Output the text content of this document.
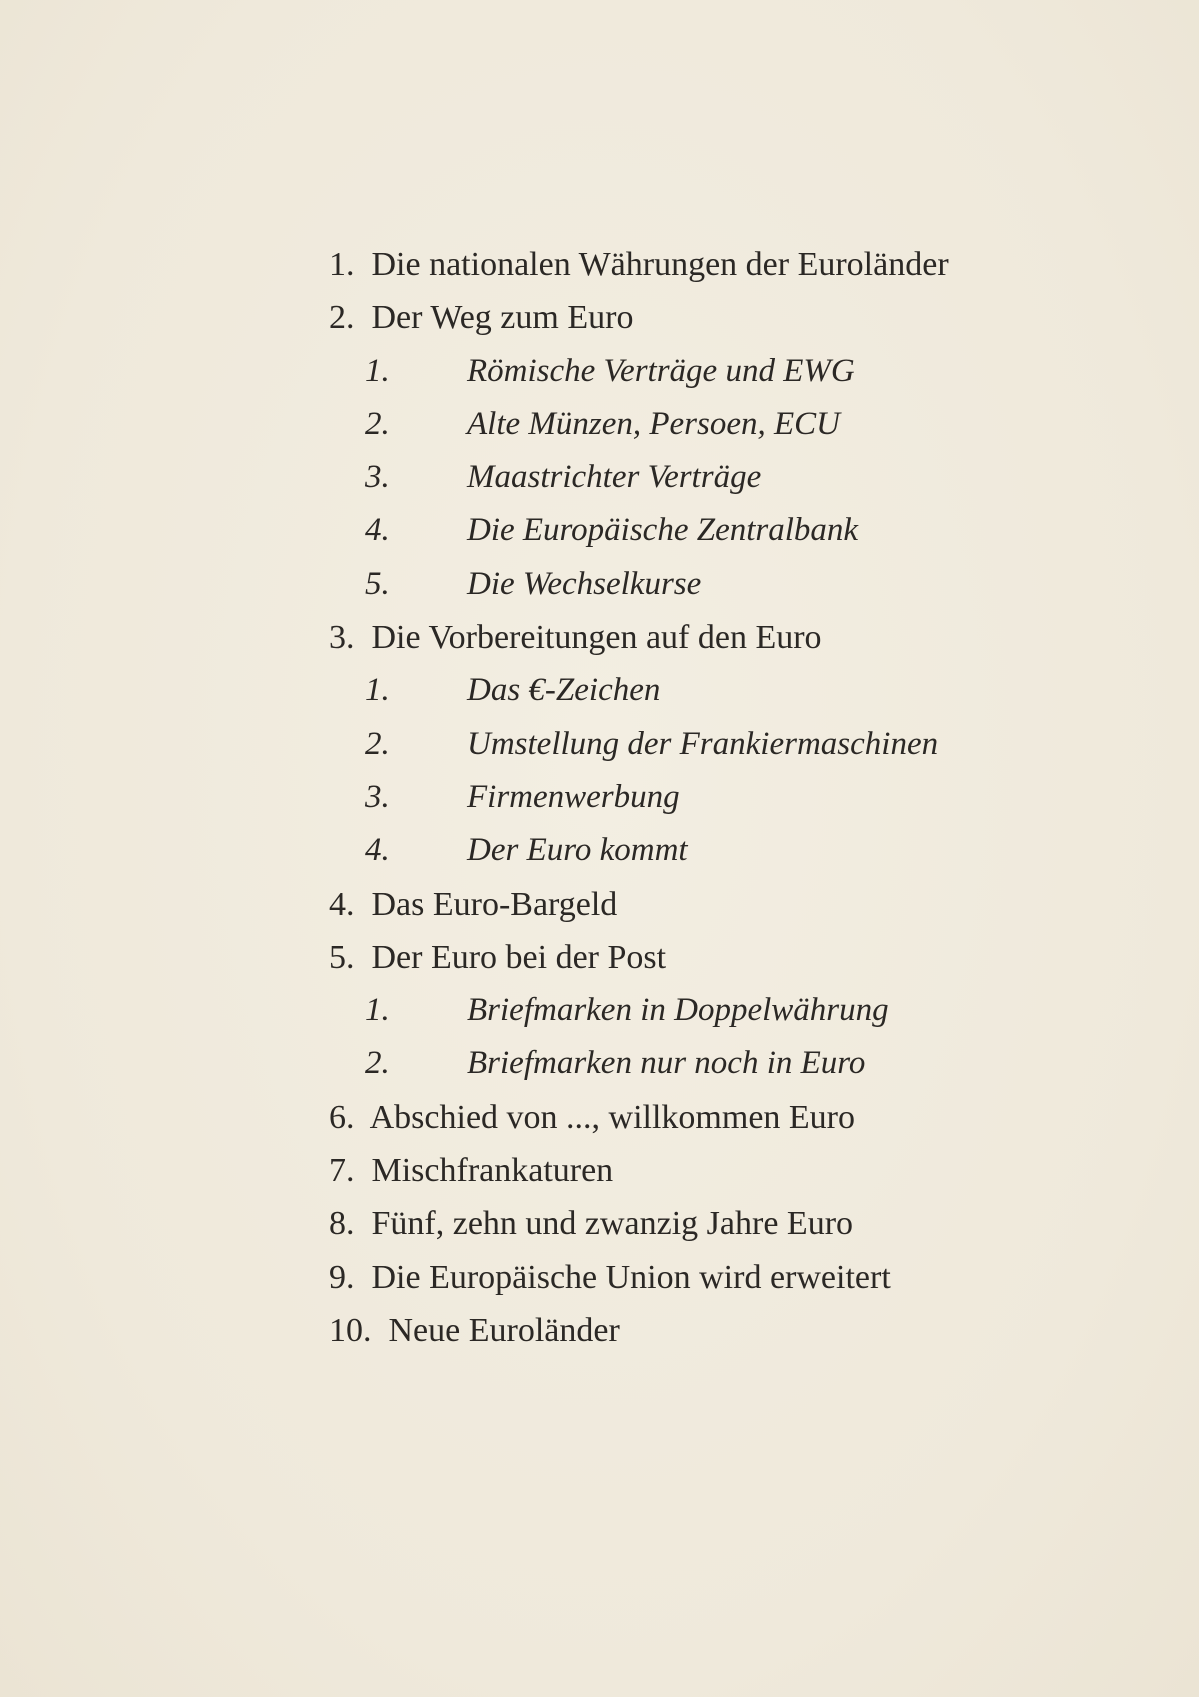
1.  Die nationalen Währungen der Euroländer
2.  Der Weg zum Euro
1. Römische Verträge und EWG
2. Alte Münzen, Persoen, ECU
3. Maastrichter Verträge
4. Die Europäische Zentralbank
5. Die Wechselkurse
3.  Die Vorbereitungen auf den Euro
1. Das €-Zeichen
2. Umstellung der Frankiermaschinen
3. Firmenwerbung
4. Der Euro kommt
4.  Das Euro-Bargeld
5.  Der Euro bei der Post
1. Briefmarken in Doppelwährung
2. Briefmarken nur noch in Euro
6.  Abschied von ..., willkommen Euro
7.  Mischfrankaturen
8.  Fünf, zehn und zwanzig Jahre Euro
9.  Die Europäische Union wird erweitert
10.  Neue Euroländer
